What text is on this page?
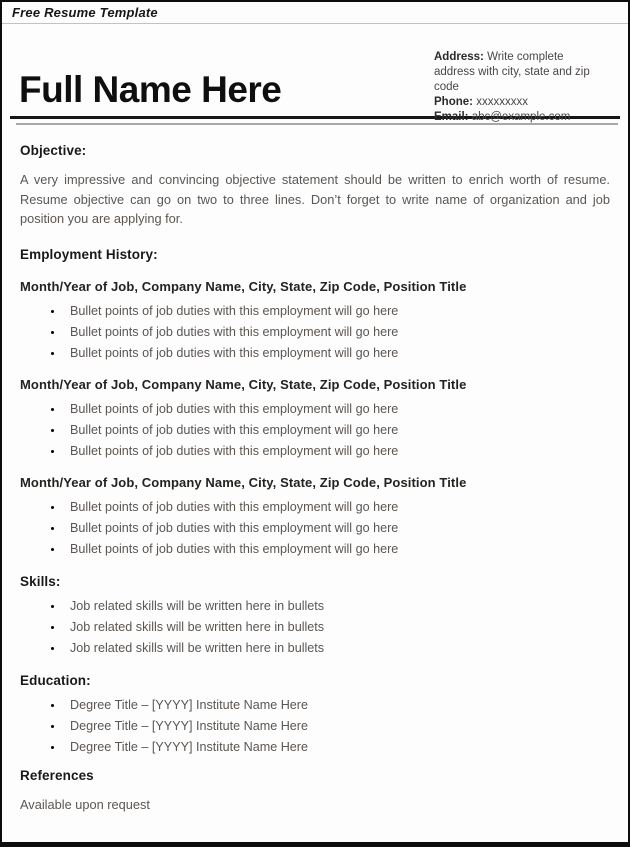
Free Resume Template
Full Name Here
Address: Write complete address with city, state and zip code
Phone: xxxxxxxxx
Email: abc@example.com
Objective:

A very impressive and convincing objective statement should be written to enrich worth of resume. Resume objective can go on two to three lines. Don’t forget to write name of organization and job position you are applying for.

Employment History:
Month/Year of Job, Company Name, City, State, Zip Code, Position Title
• Bullet points of job duties with this employment will go here
• Bullet points of job duties with this employment will go here
• Bullet points of job duties with this employment will go here
Month/Year of Job, Company Name, City, State, Zip Code, Position Title
• Bullet points of job duties with this employment will go here
• Bullet points of job duties with this employment will go here
• Bullet points of job duties with this employment will go here
Month/Year of Job, Company Name, City, State, Zip Code, Position Title
• Bullet points of job duties with this employment will go here
• Bullet points of job duties with this employment will go here
• Bullet points of job duties with this employment will go here
Skills:
• Job related skills will be written here in bullets
• Job related skills will be written here in bullets
• Job related skills will be written here in bullets
Education:
• Degree Title – [YYYY] Institute Name Here
• Degree Title – [YYYY] Institute Name Here
• Degree Title – [YYYY] Institute Name Here
References
Available upon request
